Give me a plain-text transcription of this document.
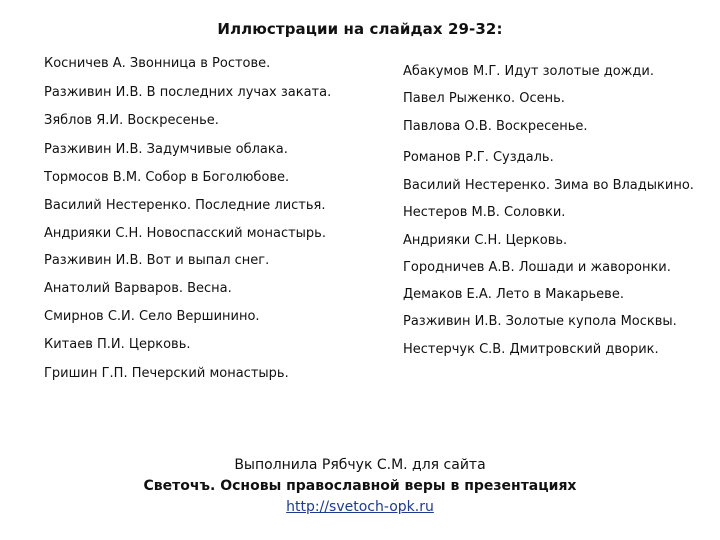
Иллюстрации на слайдах 29-32:
Косничев А. Звонница в Ростове.
Разживин И.В. В последних лучах заката.
Зяблов Я.И. Воскресенье.
Разживин И.В. Задумчивые облака.
Тормосов В.М. Собор в Боголюбове.
Василий Нестеренко. Последние листья.
Андрияки С.Н. Новоспасский монастырь.
Разживин И.В. Вот и выпал снег.
Анатолий Варваров. Весна.
Смирнов С.И. Село Вершинино.
Китаев П.И. Церковь.
Гришин Г.П. Печерский монастырь.
Абакумов М.Г. Идут золотые дожди.
Павел Рыженко. Осень.
Павлова О.В. Воскресенье.
Романов Р.Г. Суздаль.
Василий Нестеренко. Зима во Владыкино.
Нестеров М.В. Соловки.
Андрияки С.Н. Церковь.
Городничев А.В. Лошади и жаворонки.
Демаков Е.А. Лето в Макарьеве.
Разживин И.В. Золотые купола Москвы.
Нестерчук С.В. Дмитровский дворик.
Выполнила Рябчук С.М. для сайта
Светочъ. Основы православной веры в презентациях
http://svetoch-opk.ru
